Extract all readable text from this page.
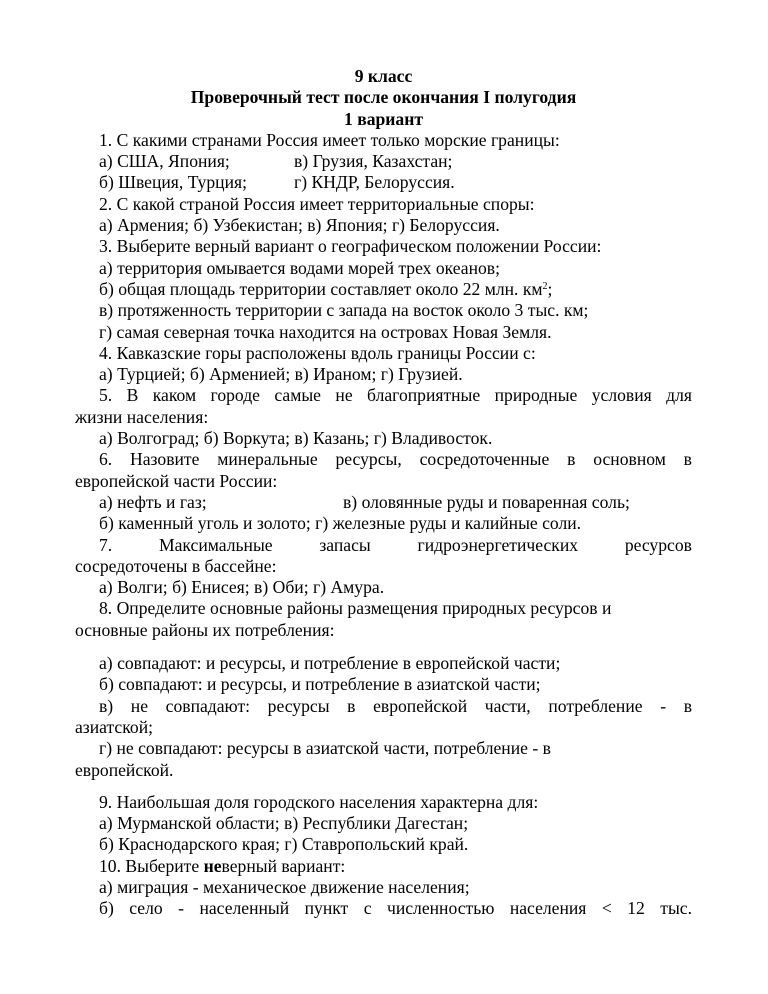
9 класс
Проверочный тест после окончания I полугодия
1 вариант
1. С какими странами Россия имеет только морские границы:
а) США, Япония;	в) Грузия, Казахстан;
б) Швеция, Турция;	г) КНДР, Белоруссия.
2. С какой страной Россия имеет территориальные споры:
а) Армения; б) Узбекистан; в) Япония; г) Белоруссия.
3. Выберите верный вариант о географическом положении России:
а) территория омывается водами морей трех океанов;
б) общая площадь территории составляет около 22 млн. $км^2$;
в) протяженность территории с запада на восток около 3 тыс. км;
г) самая северная точка находится на островах Новая Земля.
4. Кавказские горы расположены вдоль границы России с:
а) Турцией; б) Арменией; в) Ираном; г) Грузией.
5. В каком городе самые не благоприятные природные условия для
жизни населения:
а) Волгоград; б) Воркута; в) Казань; г) Владивосток.
6. Назовите минеральные ресурсы, сосредоточенные в основном в
европейской части России:
а) нефть и газ;	в) оловянные руды и поваренная соль;
б) каменный уголь и золото; г) железные руды и калийные соли.
7.	Максимальные	запасы	гидроэнергетических	ресурсов
сосредоточены в бассейне:
а) Волги; б) Енисея; в) Оби; г) Амура.
8. Определите основные районы размещения природных ресурсов и
основные районы их потребления:
а) совпадают: и ресурсы, и потребление в европейской части;
б) совпадают: и ресурсы, и потребление в азиатской части;
в) не совпадают: ресурсы в европейской части, потребление - в
азиатской;
г) не совпадают: ресурсы в азиатской части, потребление - в
европейской.
9. Наибольшая доля городского населения характерна для:
а) Мурманской области; в) Республики Дагестан;
б) Краснодарского края; г) Ставропольский край.
10. Выберите неверный вариант:
а) миграция - механическое движение населения;
б) село - населенный пункт с численностью населения < 12 тыс.
